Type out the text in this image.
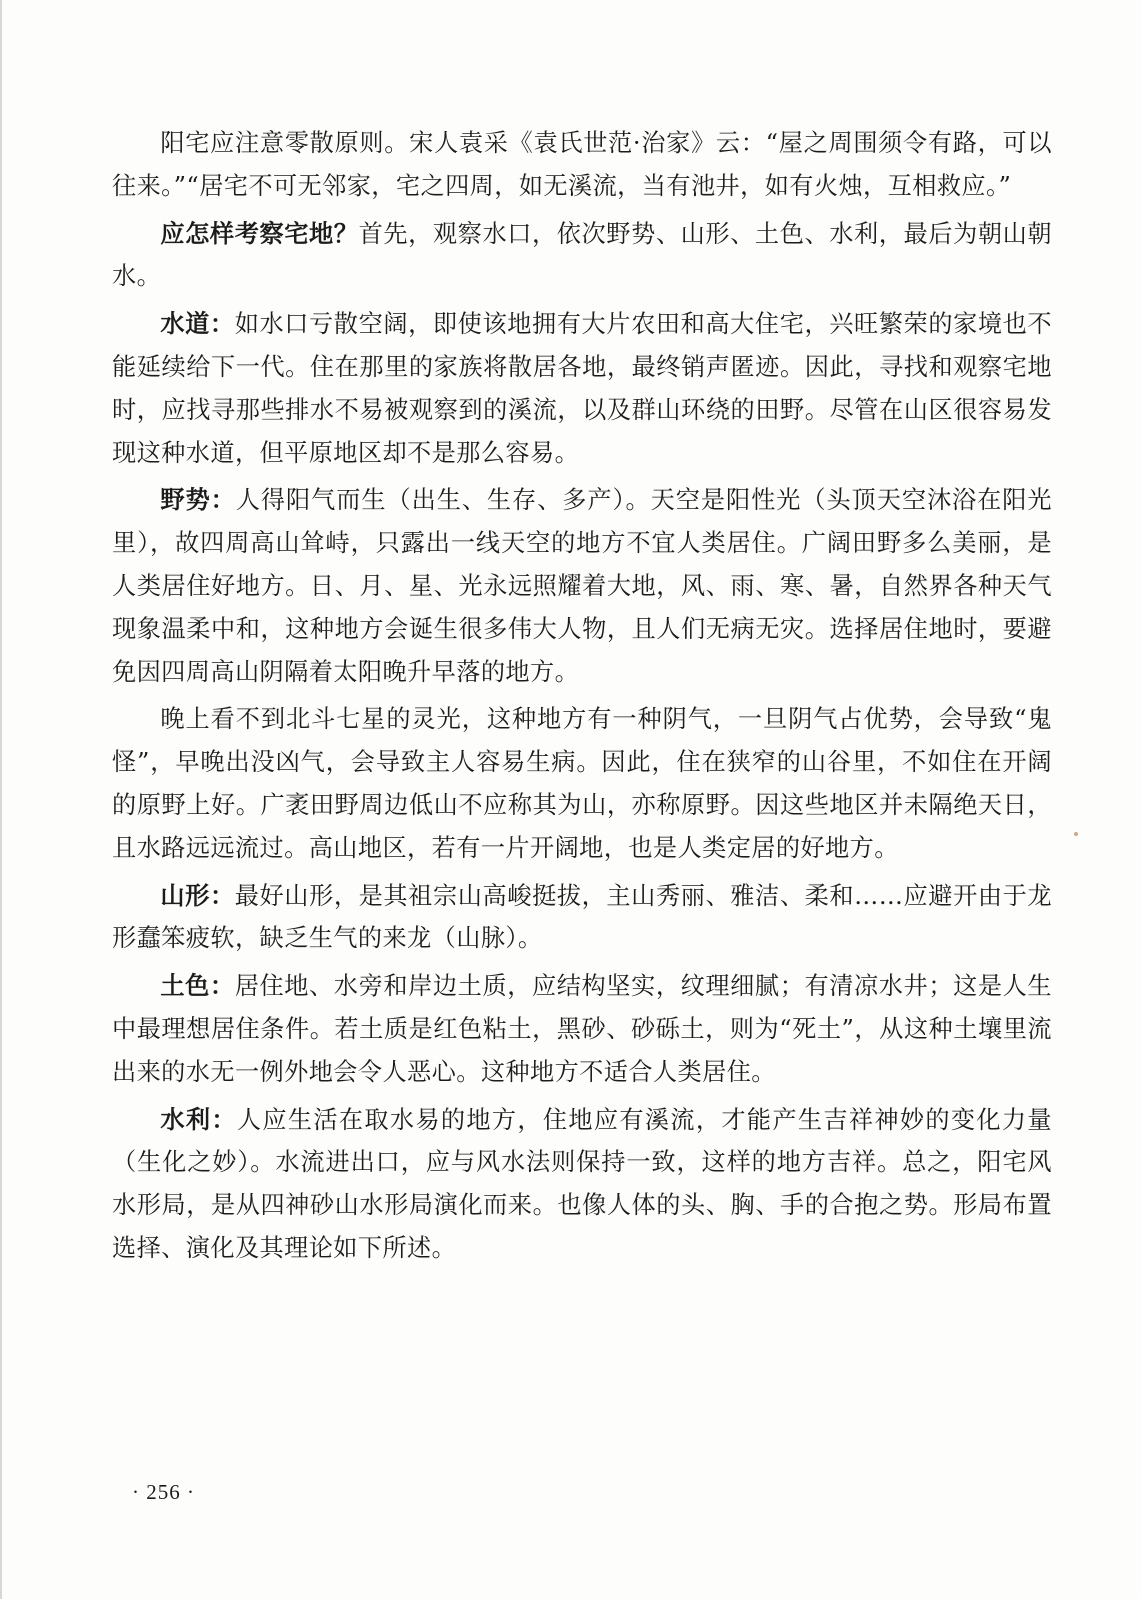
阳宅应注意零散原则。宋人袁采《袁氏世范·治家》云：“屋之周围须令有路，可以往来。”“居宅不可无邻家，宅之四周，如无溪流，当有池井，如有火烛，互相救应。”

应怎样考察宅地？首先，观察水口，依次野势、山形、土色、水利，最后为朝山朝水。

水道：如水口亏散空阔，即使该地拥有大片农田和高大住宅，兴旺繁荣的家境也不能延续给下一代。住在那里的家族将散居各地，最终销声匿迹。因此，寻找和观察宅地时，应找寻那些排水不易被观察到的溪流，以及群山环绕的田野。尽管在山区很容易发现这种水道，但平原地区却不是那么容易。

野势：人得阳气而生（出生、生存、多产）。天空是阳性光（头顶天空沐浴在阳光里），故四周高山耸峙，只露出一线天空的地方不宜人类居住。广阔田野多么美丽，是人类居住好地方。日、月、星、光永远照耀着大地，风、雨、寒、暑，自然界各种天气现象温柔中和，这种地方会诞生很多伟大人物，且人们无病无灾。选择居住地时，要避免因四周高山阴隔着太阳晚升早落的地方。

晚上看不到北斗七星的灵光，这种地方有一种阴气，一旦阴气占优势，会导致“鬼怪”，早晚出没凶气，会导致主人容易生病。因此，住在狭窄的山谷里，不如住在开阔的原野上好。广袤田野周边低山不应称其为山，亦称原野。因这些地区并未隔绝天日，且水路远远流过。高山地区，若有一片开阔地，也是人类定居的好地方。

山形：最好山形，是其祖宗山高峻挺拔，主山秀丽、雅洁、柔和……应避开由于龙形蠢笨疲软，缺乏生气的来龙（山脉）。

土色：居住地、水旁和岸边土质，应结构坚实，纹理细腻；有清凉水井；这是人生中最理想居住条件。若土质是红色粘土，黑砂、砂砾土，则为“死土”，从这种土壤里流出来的水无一例外地会令人恶心。这种地方不适合人类居住。

水利：人应生活在取水易的地方，住地应有溪流，才能产生吉祥神妙的变化力量（生化之妙）。水流进出口，应与风水法则保持一致，这样的地方吉祥。总之，阳宅风水形局，是从四神砂山水形局演化而来。也像人体的头、胸、手的合抱之势。形局布置选择、演化及其理论如下所述。

· 256 ·
